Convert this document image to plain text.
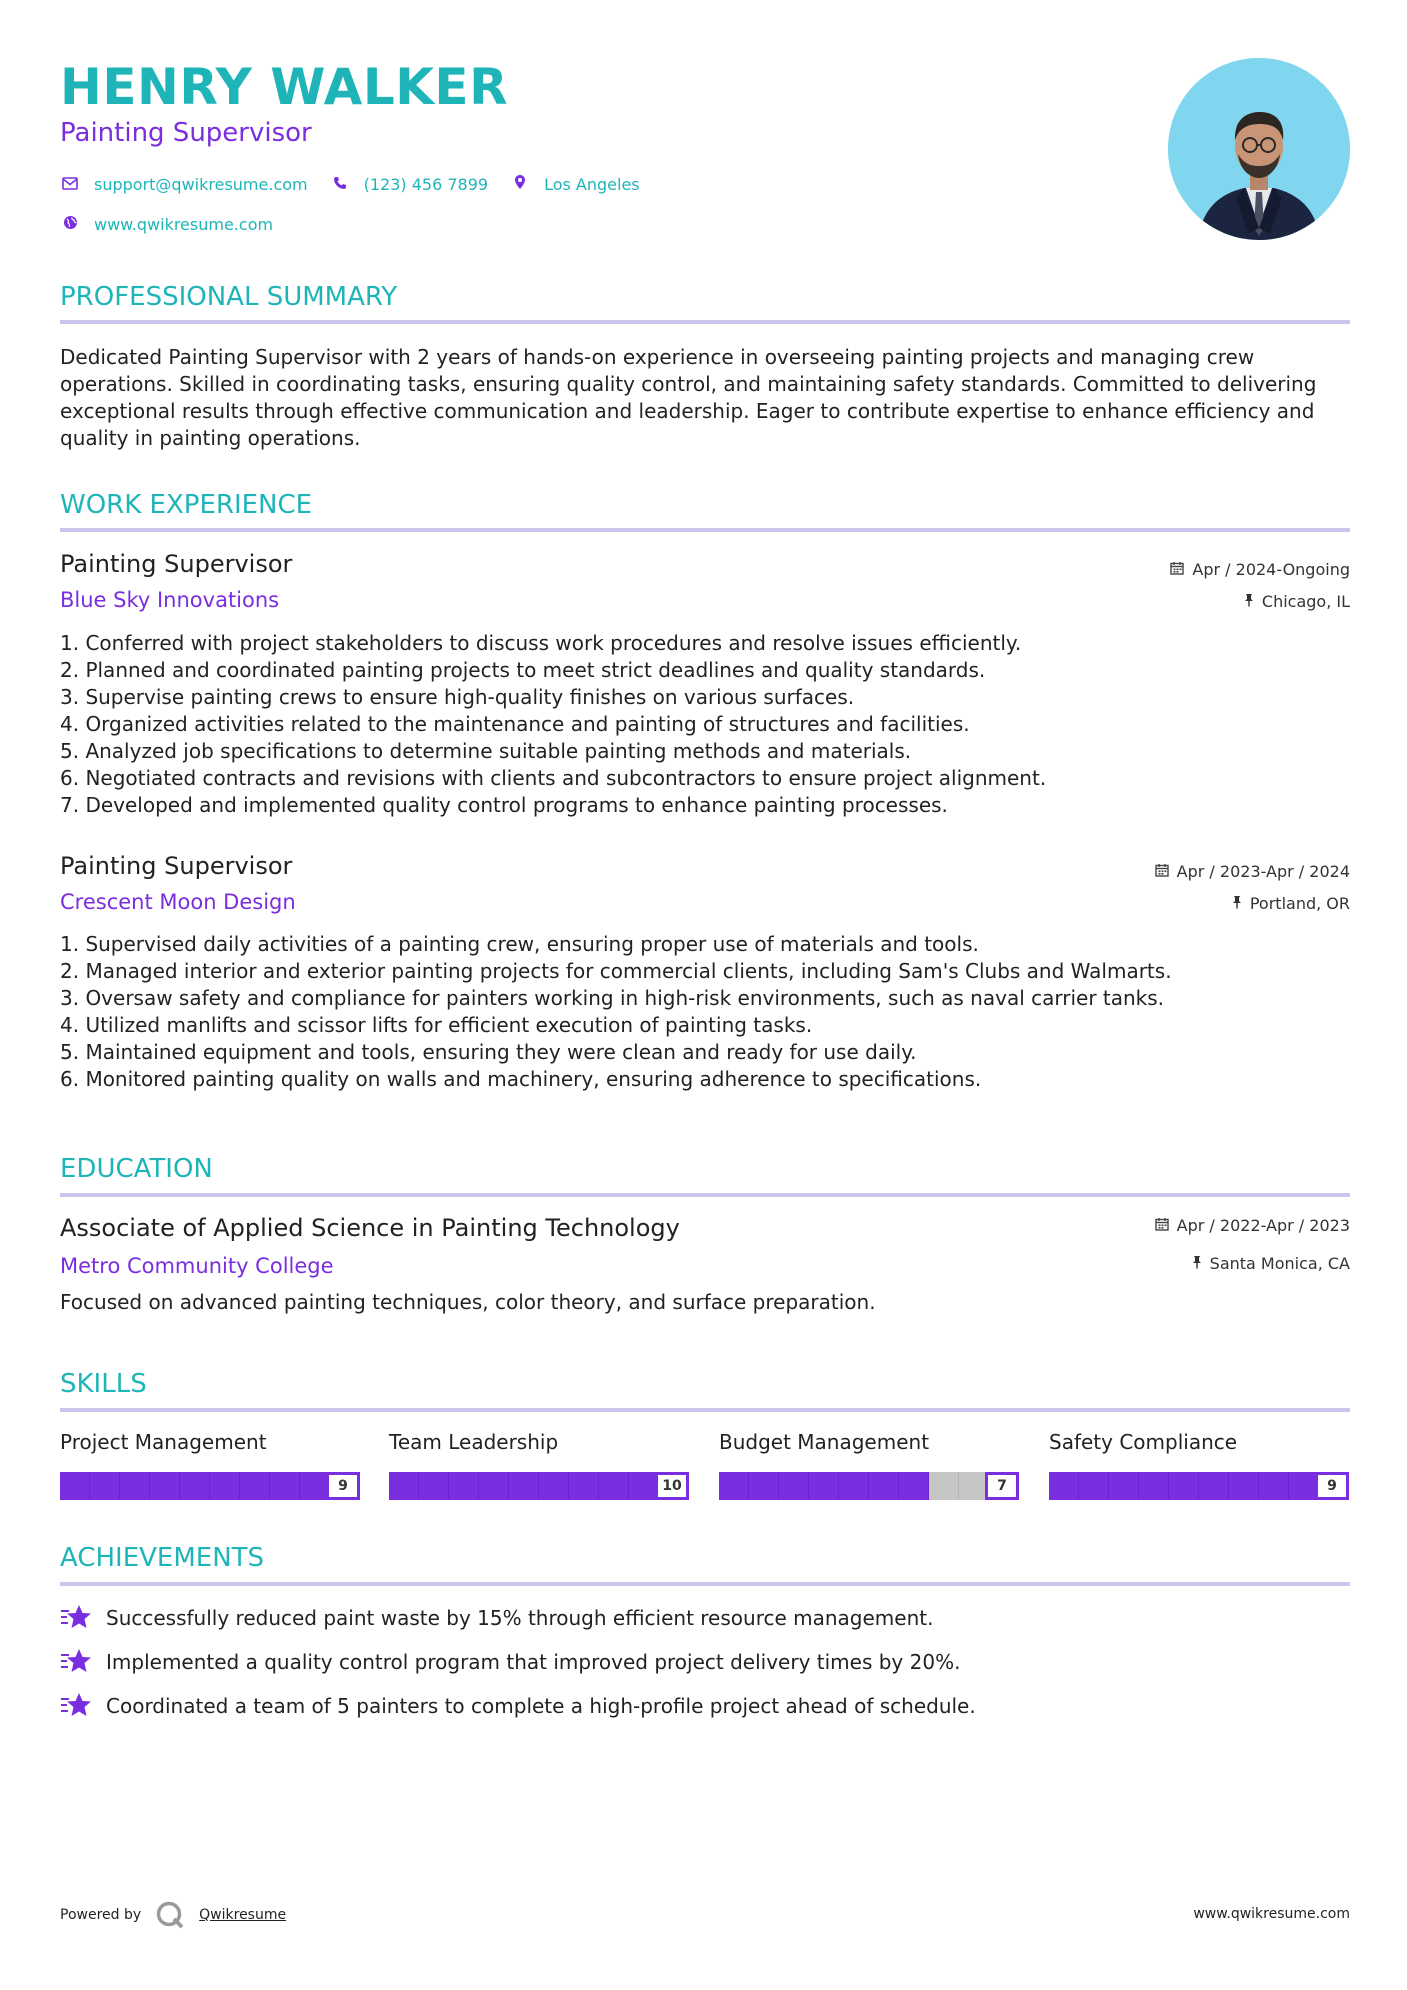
HENRY WALKER
Painting Supervisor
support@qwikresume.com	(123) 456 7899	Los Angeles
www.qwikresume.com
PROFESSIONAL SUMMARY
Dedicated Painting Supervisor with 2 years of hands-on experience in overseeing painting projects and managing crew operations. Skilled in coordinating tasks, ensuring quality control, and maintaining safety standards. Committed to delivering exceptional results through effective communication and leadership. Eager to contribute expertise to enhance efficiency and quality in painting operations.
WORK EXPERIENCE
Painting Supervisor
Blue Sky Innovations
Apr / 2024-Ongoing
Chicago, IL
1. Conferred with project stakeholders to discuss work procedures and resolve issues efficiently.
2. Planned and coordinated painting projects to meet strict deadlines and quality standards.
3. Supervise painting crews to ensure high-quality finishes on various surfaces.
4. Organized activities related to the maintenance and painting of structures and facilities.
5. Analyzed job specifications to determine suitable painting methods and materials.
6. Negotiated contracts and revisions with clients and subcontractors to ensure project alignment.
7. Developed and implemented quality control programs to enhance painting processes.
Painting Supervisor
Crescent Moon Design
Apr / 2023-Apr / 2024
Portland, OR
1. Supervised daily activities of a painting crew, ensuring proper use of materials and tools.
2. Managed interior and exterior painting projects for commercial clients, including Sam's Clubs and Walmarts.
3. Oversaw safety and compliance for painters working in high-risk environments, such as naval carrier tanks.
4. Utilized manlifts and scissor lifts for efficient execution of painting tasks.
5. Maintained equipment and tools, ensuring they were clean and ready for use daily.
6. Monitored painting quality on walls and machinery, ensuring adherence to specifications.
EDUCATION
Associate of Applied Science in Painting Technology
Metro Community College
Apr / 2022-Apr / 2023
Santa Monica, CA
Focused on advanced painting techniques, color theory, and surface preparation.
SKILLS
Project Management
9
Team Leadership
10
Budget Management
7
Safety Compliance
9
ACHIEVEMENTS
Successfully reduced paint waste by 15% through efficient resource management.
Implemented a quality control program that improved project delivery times by 20%.
Coordinated a team of 5 painters to complete a high-profile project ahead of schedule.
Powered by	Qwikresume	www.qwikresume.com
